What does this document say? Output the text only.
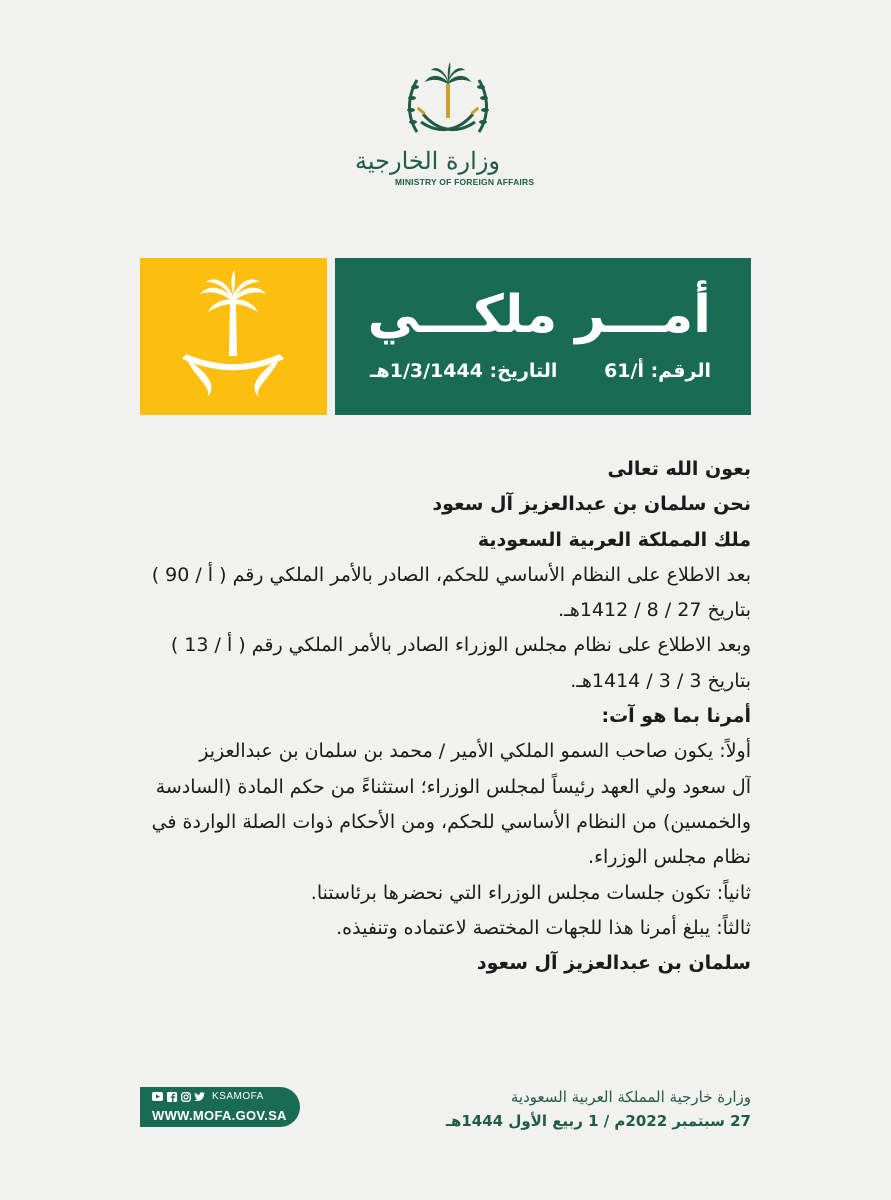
وزارة الخارجية
MINISTRY OF FOREIGN AFFAIRS
أمـــر ملكـــي
الرقم: أ/61 التاريخ: 1/3/1444هـ
بعون الله تعالى
نحن سلمان بن عبدالعزيز آل سعود
ملك المملكة العربية السعودية
بعد الاطلاع على النظام الأساسي للحكم، الصادر بالأمر الملكي رقم ( أ / 90 )
بتاريخ 27 / 8 / 1412هـ.
وبعد الاطلاع على نظام مجلس الوزراء الصادر بالأمر الملكي رقم ( أ / 13 )
بتاريخ 3 / 3 / 1414هـ.
أمرنا بما هو آت:
أولاً: يكون صاحب السمو الملكي الأمير / محمد بن سلمان بن عبدالعزيز
آل سعود ولي العهد رئيساً لمجلس الوزراء؛ استثناءً من حكم المادة (السادسة
والخمسين) من النظام الأساسي للحكم، ومن الأحكام ذوات الصلة الواردة في
نظام مجلس الوزراء.
ثانياً: تكون جلسات مجلس الوزراء التي نحضرها برئاستنا.
ثالثاً: يبلغ أمرنا هذا للجهات المختصة لاعتماده وتنفيذه.
سلمان بن عبدالعزيز آل سعود
KSAMOFA
WWW.MOFA.GOV.SA
وزارة خارجية المملكة العربية السعودية
27 سبتمبر 2022م / 1 ربيع الأول 1444هـ
